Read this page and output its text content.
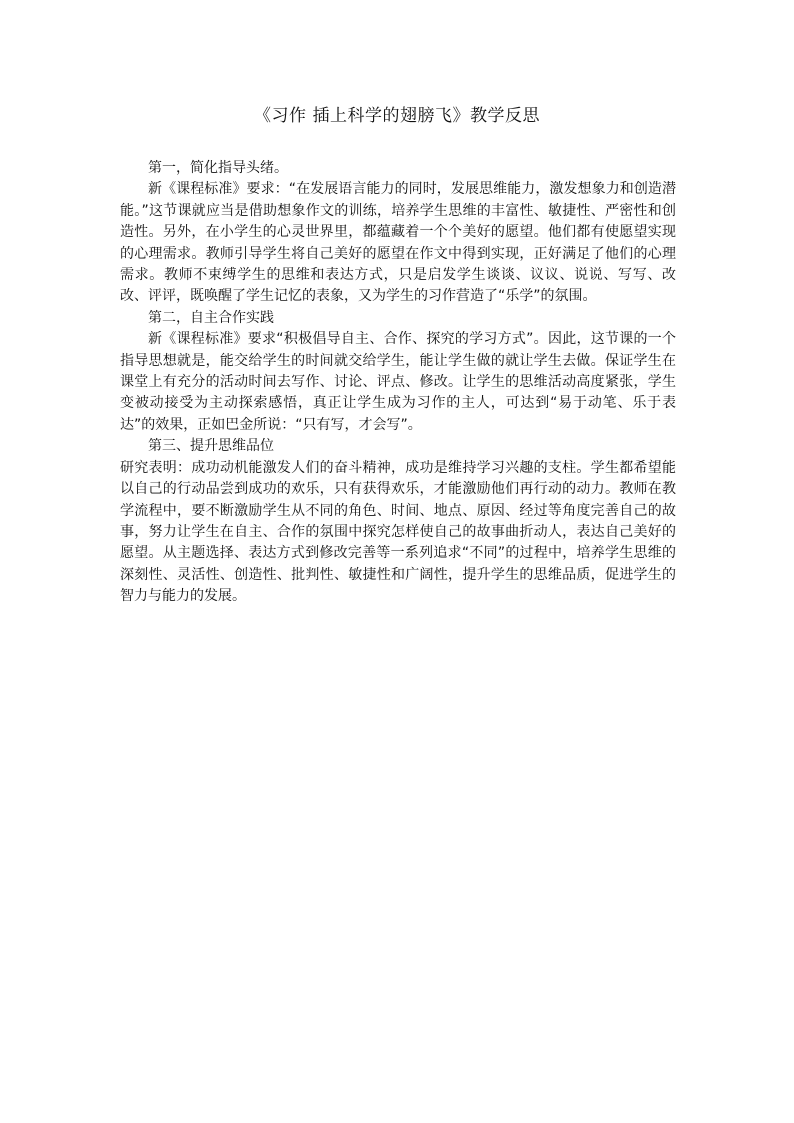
《习作 插上科学的翅膀飞》教学反思

第一，简化指导头绪。

新《课程标准》要求：“在发展语言能力的同时，发展思维能力，激发想象力和创造潜能。”这节课就应当是借助想象作文的训练，培养学生思维的丰富性、敏捷性、严密性和创造性。另外，在小学生的心灵世界里，都蕴藏着一个个美好的愿望。他们都有使愿望实现的心理需求。教师引导学生将自己美好的愿望在作文中得到实现，正好满足了他们的心理需求。教师不束缚学生的思维和表达方式，只是启发学生谈谈、议议、说说、写写、改改、评评，既唤醒了学生记忆的表象，又为学生的习作营造了“乐学”的氛围。

第二，自主合作实践

新《课程标准》要求“积极倡导自主、合作、探究的学习方式”。因此，这节课的一个指导思想就是，能交给学生的时间就交给学生，能让学生做的就让学生去做。保证学生在课堂上有充分的活动时间去写作、讨论、评点、修改。让学生的思维活动高度紧张，学生变被动接受为主动探索感悟，真正让学生成为习作的主人，可达到“易于动笔、乐于表达”的效果，正如巴金所说：“只有写，才会写”。

第三、提升思维品位

研究表明：成功动机能激发人们的奋斗精神，成功是维持学习兴趣的支柱。学生都希望能以自己的行动品尝到成功的欢乐，只有获得欢乐，才能激励他们再行动的动力。教师在教学流程中，要不断激励学生从不同的角色、时间、地点、原因、经过等角度完善自己的故事，努力让学生在自主、合作的氛围中探究怎样使自己的故事曲折动人，表达自己美好的愿望。从主题选择、表达方式到修改完善等一系列追求“不同”的过程中，培养学生思维的深刻性、灵活性、创造性、批判性、敏捷性和广阔性，提升学生的思维品质，促进学生的智力与能力的发展。
